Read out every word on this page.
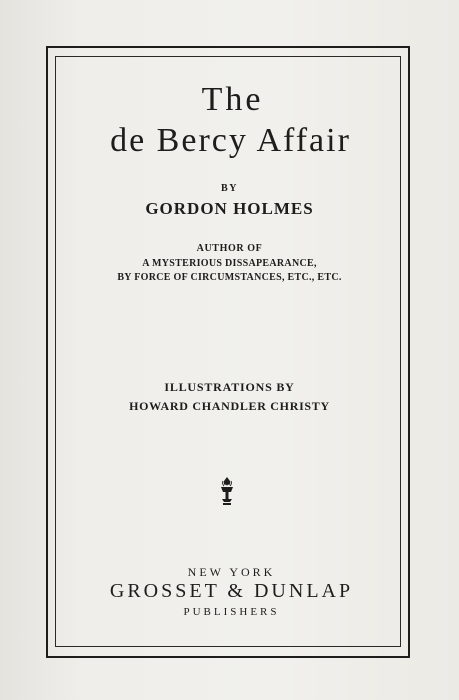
The
de Bercy Affair
BY
GORDON HOLMES
AUTHOR OF
A MYSTERIOUS DISSAPEARANCE,
BY FORCE OF CIRCUMSTANCES, ETC., ETC.
ILLUSTRATIONS BY
HOWARD CHANDLER CHRISTY
NEW YORK
GROSSET & DUNLAP
PUBLISHERS
